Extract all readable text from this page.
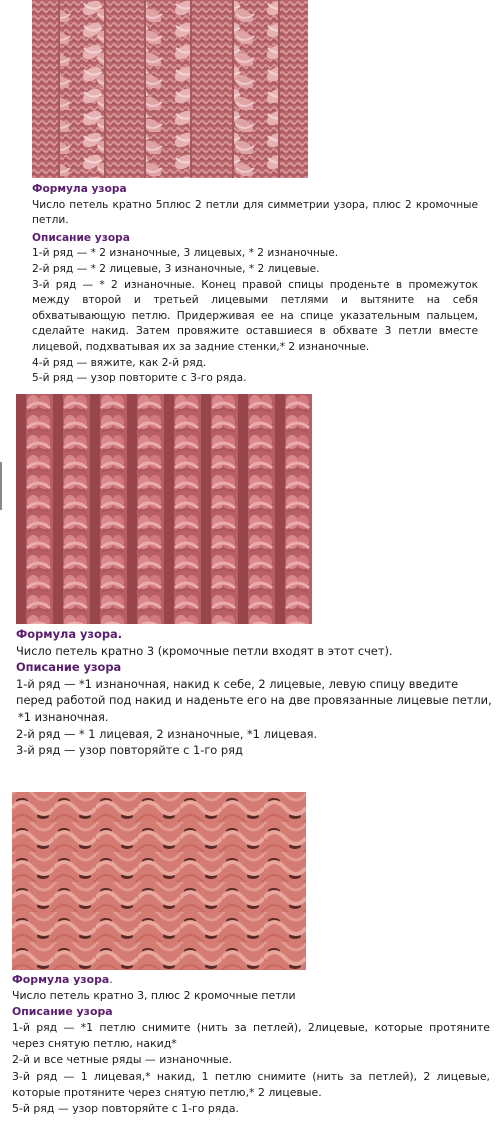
Формула узора
Число петель кратно 5плюс 2 петли для симметрии узора, плюс 2 кромочные петли.
Описание узора
1-й ряд — * 2 изнаночные, 3 лицевых, * 2 изнаночные.
2-й ряд — * 2 лицевые, 3 изнаночные, * 2 лицевые.
3-й ряд — * 2 изнаночные. Конец правой спицы проденьте в промежуток между второй и третьей лицевыми петлями и вытяните на себя обхватывающую петлю. Придерживая ее на спице указательным пальцем, сделайте накид. Затем провяжите оставшиеся в обхвате 3 петли вместе лицевой, подхватывая их за задние стенки,* 2 изнаночные.
4-й ряд — вяжите, как 2-й ряд.
5-й ряд — узор повторите с 3-го ряда.
Формула узора.
Число петель кратно 3 (кромочные петли входят в этот счет).
Описание узора
1-й ряд — *1 изнаночная, накид к себе, 2 лицевые, левую спицу введите перед работой под накид и наденьте его на две провязанные лицевые петли,
*1 изнаночная.
2-й ряд — * 1 лицевая, 2 изнаночные, *1 лицевая.
3-й ряд — узор повторяйте с 1-го ряд
Формула узора.
Число петель кратно 3, плюс 2 кромочные петли
Описание узора
1-й ряд — *1 петлю снимите (нить за петлей), 2лицевые, которые протяните через снятую петлю, накид*
2-й и все четные ряды — изнаночные.
3-й ряд — 1 лицевая,* накид, 1 петлю снимите (нить за петлей), 2 лицевые, которые протяните через снятую петлю,* 2 лицевые.
5-й ряд — узор повторяйте с 1-го ряда.
